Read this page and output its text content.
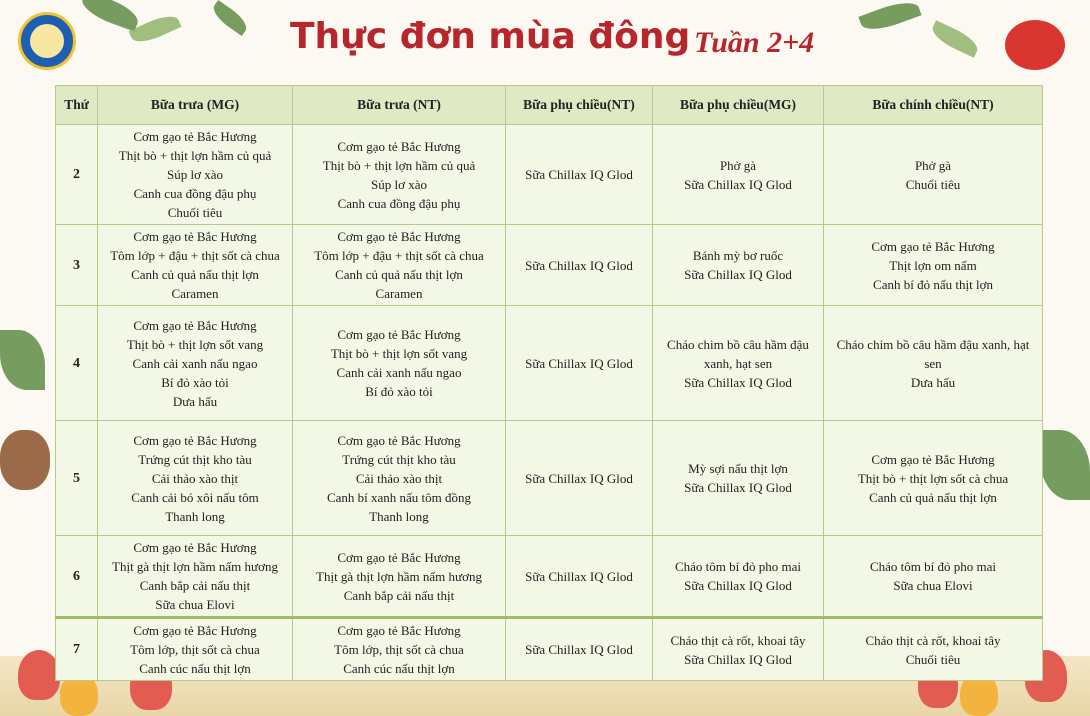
Thực đơn mùa đông Tuần 2+4
Thứ	Bữa trưa (MG)	Bữa trưa (NT)	Bữa phụ chiều(NT)	Bữa phụ chiều(MG)	Bữa chính chiều(NT)
2	Cơm gạo tẻ Bắc Hương
Thịt bò + thịt lợn hầm củ quả
Súp lơ xào
Canh cua đồng đậu phụ
Chuối tiêu	Cơm gạo tẻ Bắc Hương
Thịt bò + thịt lợn hầm củ quả
Súp lơ xào
Canh cua đồng đậu phụ	Sữa Chillax IQ Glod	Phở gà
Sữa Chillax IQ Glod	Phở gà
Chuối tiêu

3	Cơm gạo tẻ Bắc Hương
Tôm lớp + đậu + thịt sốt cà chua
Canh củ quả nấu thịt lợn
Caramen	Cơm gạo tẻ Bắc Hương
Tôm lớp + đậu + thịt sốt cà chua
Canh củ quả nấu thịt lợn
Caramen	Sữa Chillax IQ Glod	Bánh mỳ bơ ruốc
Sữa Chillax IQ Glod	Cơm gạo tẻ Bắc Hương
Thịt lợn om nấm
Canh bí đỏ nấu thịt lợn

4	Cơm gạo tẻ Bắc Hương
Thịt bò + thịt lợn sốt vang
Canh cải xanh nấu ngao
Bí đỏ xào tỏi
Dưa hấu	Cơm gạo tẻ Bắc Hương
Thịt bò + thịt lợn sốt vang
Canh cải xanh nấu ngao
Bí đỏ xào tỏi	Sữa Chillax IQ Glod	Cháo chim bồ câu hầm đậu xanh, hạt sen
Sữa Chillax IQ Glod	Cháo chim bồ câu hầm đậu xanh, hạt sen
Dưa hấu

5	Cơm gạo tẻ Bắc Hương
Trứng cút thịt kho tàu
Cải thảo xào thịt
Canh cải bó xôi nấu tôm
Thanh long	Cơm gạo tẻ Bắc Hương
Trứng cút thịt kho tàu
Cải thảo xào thịt
Canh bí xanh nấu tôm đồng
Thanh long	Sữa Chillax IQ Glod	Mỳ sợi nấu thịt lợn
Sữa Chillax IQ Glod	Cơm gạo tẻ Bắc Hương
Thịt bò + thịt lợn sốt cà chua
Canh củ quả nấu thịt lợn

6	Cơm gạo tẻ Bắc Hương
Thịt gà thịt lợn hầm nấm hương
Canh bắp cải nấu thịt
Sữa chua Elovi	Cơm gạo tẻ Bắc Hương
Thịt gà thịt lợn hầm nấm hương
Canh bắp cải nấu thịt	Sữa Chillax IQ Glod	Cháo tôm bí đỏ pho mai
Sữa Chillax IQ Glod	Cháo tôm bí đỏ pho mai
Sữa chua Elovi

7	Cơm gạo tẻ Bắc Hương
Tôm lớp, thịt sốt cà chua
Canh cúc nấu thịt lợn	Cơm gạo tẻ Bắc Hương
Tôm lớp, thịt sốt cà chua
Canh cúc nấu thịt lợn	Sữa Chillax IQ Glod	Cháo thịt cà rốt, khoai tây
Sữa Chillax IQ Glod	Cháo thịt cà rốt, khoai tây
Chuối tiêu
